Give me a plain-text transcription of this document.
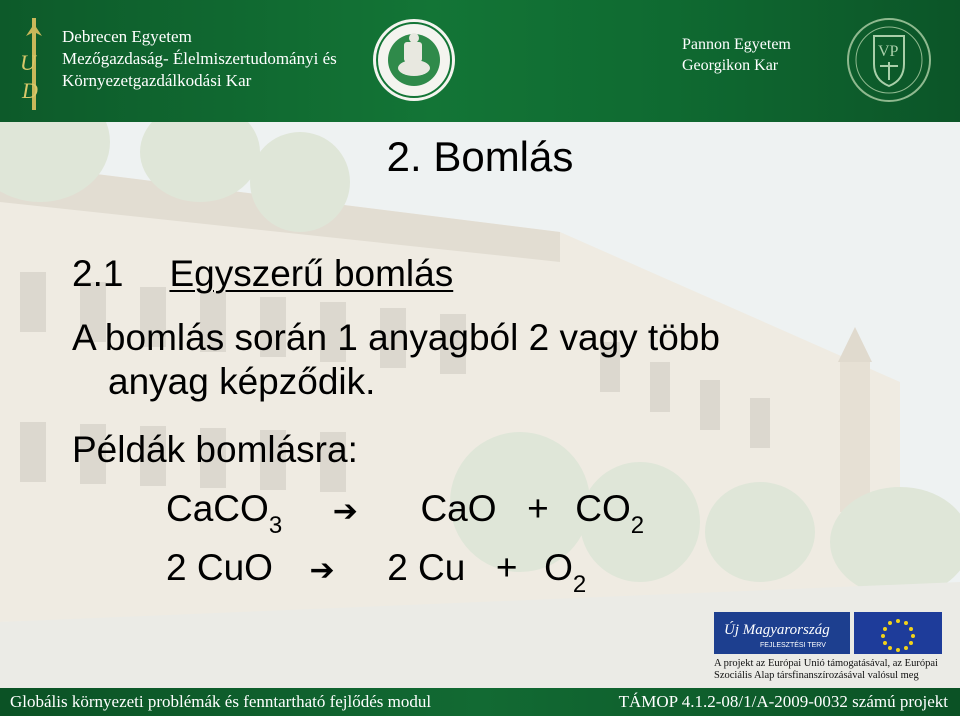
U
D
Debrecen Egyetem
Mezőgazdaság- Élelmiszertudományi és
Környezetgazdálkodási Kar
Pannon Egyetem
Georgikon Kar
VP
2. Bomlás
2.1 Egyszerű bomlás
A bomlás során 1 anyagból 2 vagy több
anyag képződik.
Példák bomlásra:
CaCO$_3$ ➔ CaO + $CO_2$
2 CuO ➔ 2 $Cu + O_2$
Új Magyarország
FEJLESZTÉSI TERV
A projekt az Európai Unió támogatásával, az Európai
Szociális Alap társfinanszírozásával valósul meg
Globális környezeti problémák és fenntartható fejlődés modul	TÁMOP 4.1.2-08/1/A-2009-0032 számú projekt
